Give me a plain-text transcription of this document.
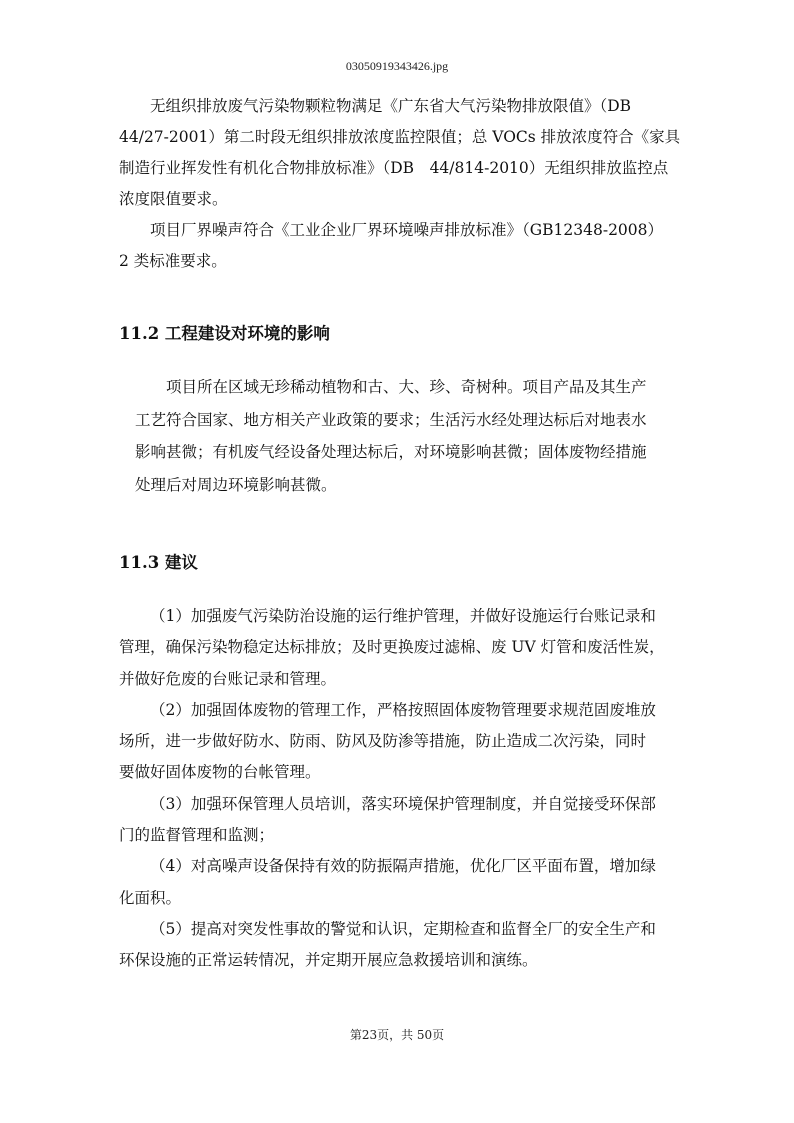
03050919343426.jpg

无组织排放废气污染物颗粒物满足《广东省大气污染物排放限值》（DB
44/27-2001）第二时段无组织排放浓度监控限值；总 VOCs 排放浓度符合《家具
制造行业挥发性有机化合物排放标准》（DB　44/814-2010）无组织排放监控点
浓度限值要求。
项目厂界噪声符合《工业企业厂界环境噪声排放标准》（GB12348-2008）
2 类标准要求。
11.2 工程建设对环境的影响
项目所在区域无珍稀动植物和古、大、珍、奇树种。项目产品及其生产
工艺符合国家、地方相关产业政策的要求；生活污水经处理达标后对地表水
影响甚微；有机废气经设备处理达标后，对环境影响甚微；固体废物经措施
处理后对周边环境影响甚微。
11.3 建议
（1）加强废气污染防治设施的运行维护管理，并做好设施运行台账记录和
管理，确保污染物稳定达标排放；及时更换废过滤棉、废 UV 灯管和废活性炭，
并做好危废的台账记录和管理。
（2）加强固体废物的管理工作，严格按照固体废物管理要求规范固废堆放
场所，进一步做好防水、防雨、防风及防渗等措施，防止造成二次污染，同时
要做好固体废物的台帐管理。
（3）加强环保管理人员培训，落实环境保护管理制度，并自觉接受环保部
门的监督管理和监测；
（4）对高噪声设备保持有效的防振隔声措施，优化厂区平面布置，增加绿
化面积。
（5）提高对突发性事故的警觉和认识，定期检查和监督全厂的安全生产和
环保设施的正常运转情况，并定期开展应急救援培训和演练。

第23页，共 50页
